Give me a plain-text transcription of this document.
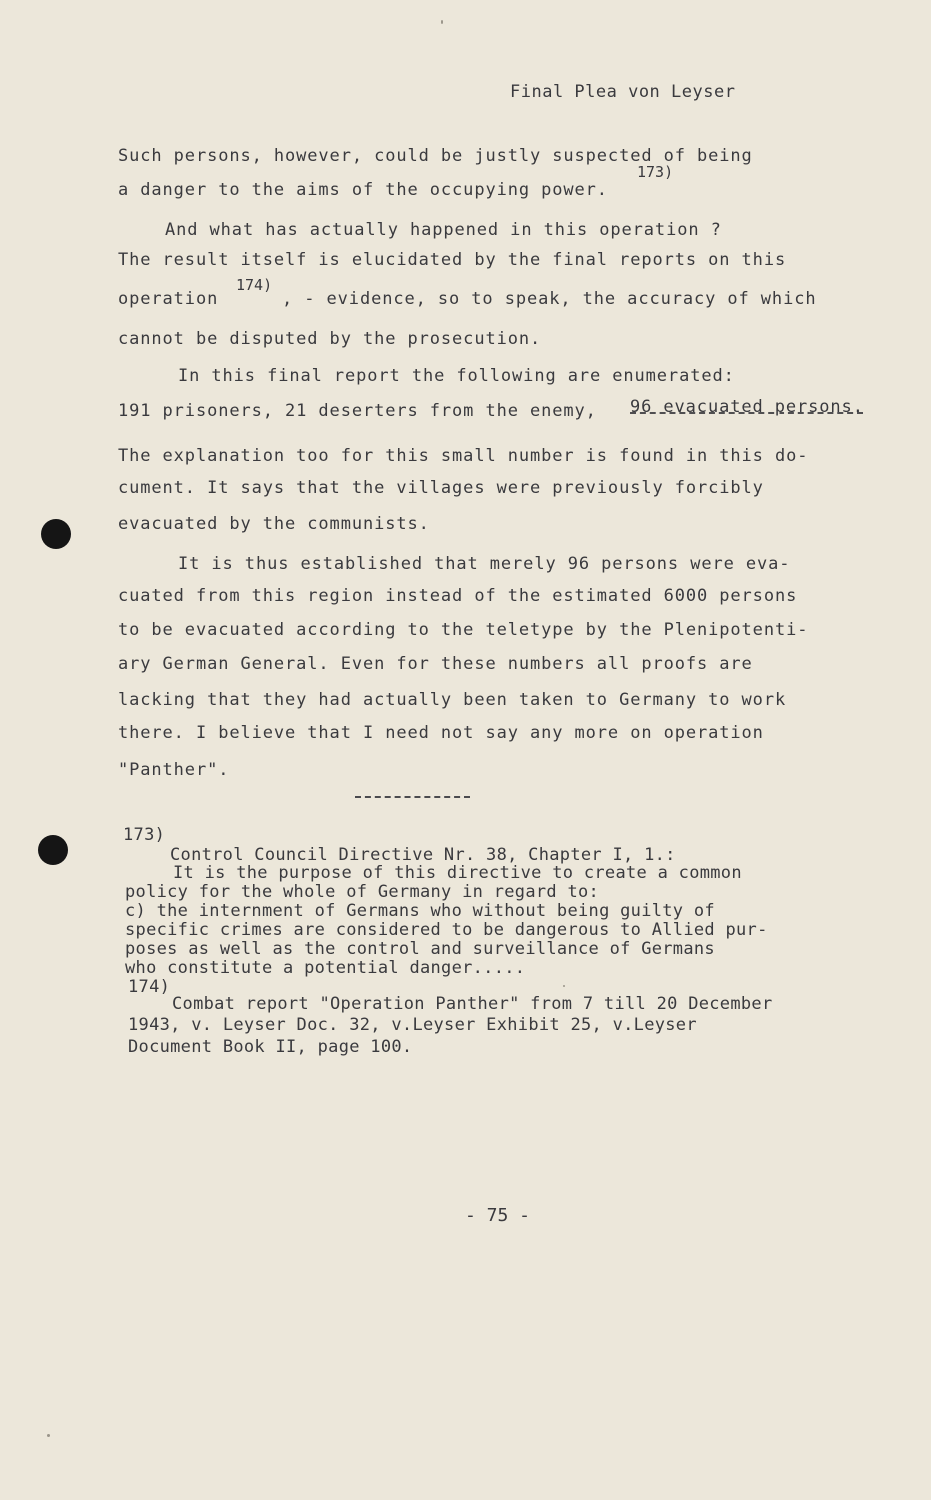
Final Plea von Leyser
Such persons, however, could be justly suspected of being
173)
a danger to the aims of the occupying power.
And what has actually happened in this operation ?
The result itself is elucidated by the final reports on this
operation
174)
, - evidence, so to speak, the accuracy of which
cannot be disputed by the prosecution.
In this final report the following are enumerated:
191 prisoners, 21 deserters from the enemy, 96 evacuated persons.
The explanation too for this small number is found in this do-
cument. It says that the villages were previously forcibly
evacuated by the communists.
It is thus established that merely 96 persons were eva-
cuated from this region instead of the estimated 6000 persons
to be evacuated according to the teletype by the Plenipotenti-
ary German General. Even for these numbers all proofs are
lacking that they had actually been taken to Germany to work
there. I believe that I need not say any more on operation
"Panther".
173)
Control Council Directive Nr. 38, Chapter I, 1.:
It is the purpose of this directive to create a common
policy for the whole of Germany in regard to:
c) the internment of Germans who without being guilty of
specific crimes are considered to be dangerous to Allied pur-
poses as well as the control and surveillance of Germans
who constitute a potential danger.....
174)
Combat report "Operation Panther" from 7 till 20 December
1943, v. Leyser Doc. 32, v.Leyser Exhibit 25, v.Leyser
Document Book II, page 100.
- 75 -
